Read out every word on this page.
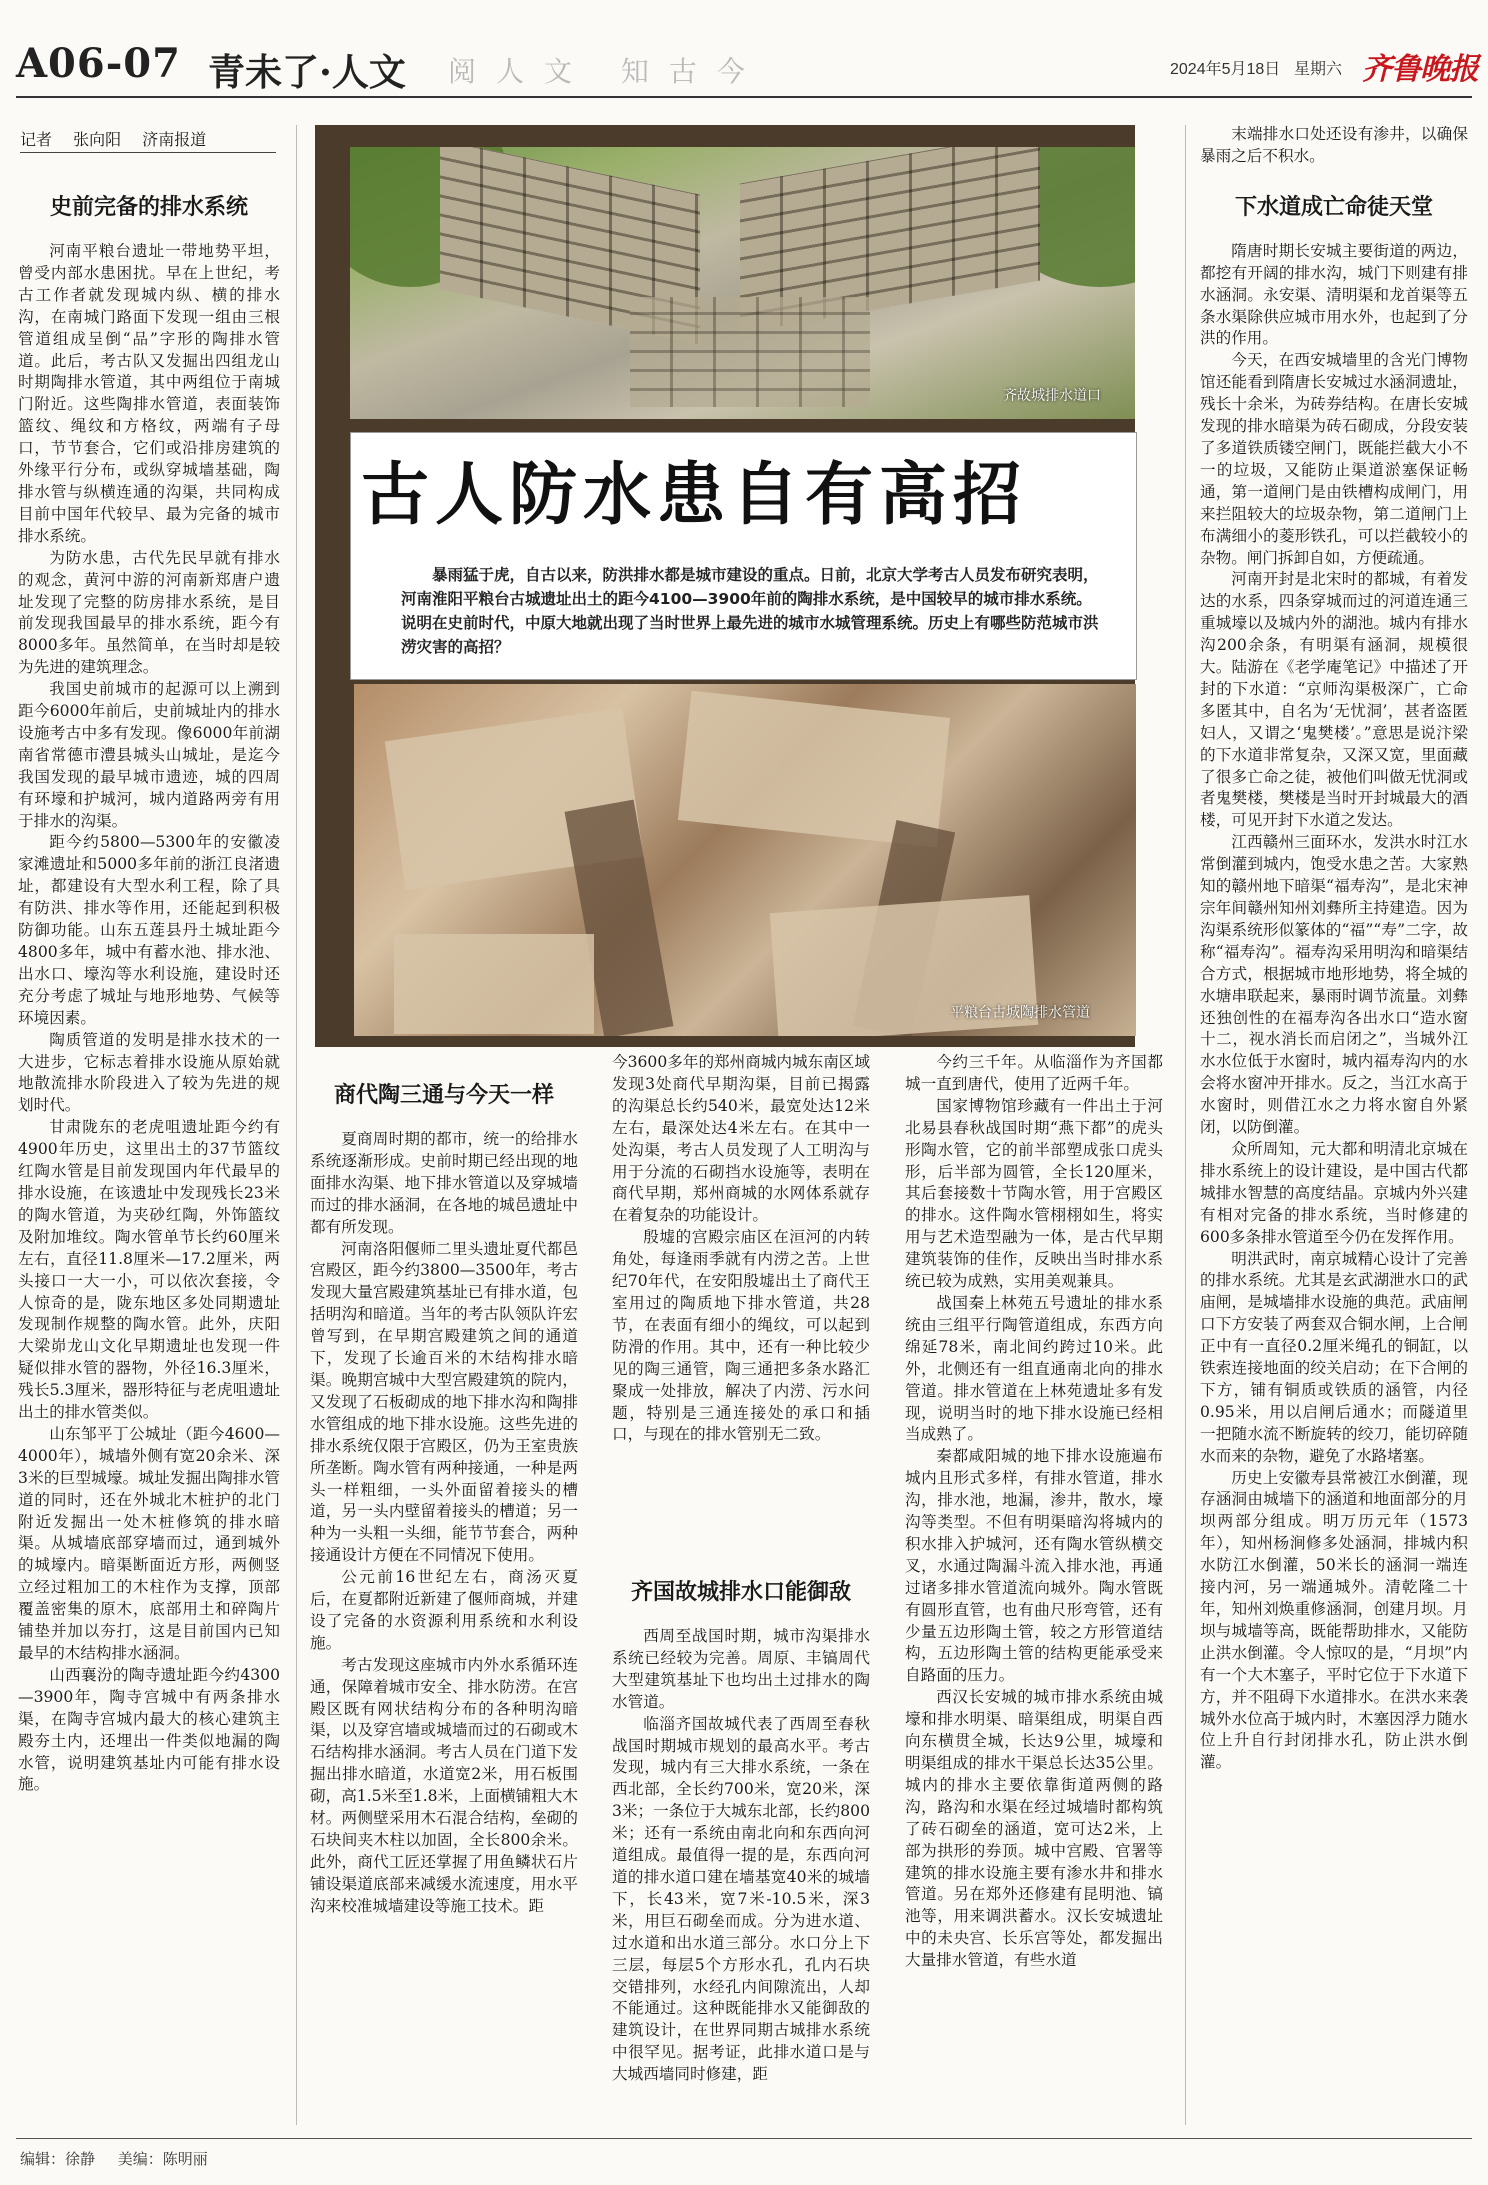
A06-07 青未了·人文 阅人文 知古今	2024年5月18日 星期六 齐鲁晚报
记者 张向阳 济南报道
史前完备的排水系统

河南平粮台遗址一带地势平坦，曾受内部水患困扰。早在上世纪，考古工作者就发现城内纵、横的排水沟，在南城门路面下发现一组由三根管道组成呈倒“品”字形的陶排水管道。此后，考古队又发掘出四组龙山时期陶排水管道，其中两组位于南城门附近。这些陶排水管道，表面装饰篮纹、绳纹和方格纹，两端有子母口，节节套合，它们或沿排房建筑的外缘平行分布，或纵穿城墙基础，陶排水管与纵横连通的沟渠，共同构成目前中国年代较早、最为完备的城市排水系统。

为防水患，古代先民早就有排水的观念，黄河中游的河南新郑唐户遗址发现了完整的防房排水系统，是目前发现我国最早的排水系统，距今有8000多年。虽然简单，在当时却是较为先进的建筑理念。

我国史前城市的起源可以上溯到距今6000年前后，史前城址内的排水设施考古中多有发现。像6000年前湖南省常德市澧县城头山城址，是迄今我国发现的最早城市遗迹，城的四周有环壕和护城河，城内道路两旁有用于排水的沟渠。

距今约5800—5300年的安徽凌家滩遗址和5000多年前的浙江良渚遗址，都建设有大型水利工程，除了具有防洪、排水等作用，还能起到积极防御功能。山东五莲县丹土城址距今4800多年，城中有蓄水池、排水池、出水口、壕沟等水利设施，建设时还充分考虑了城址与地形地势、气候等环境因素。

陶质管道的发明是排水技术的一大进步，它标志着排水设施从原始就地散流排水阶段进入了较为先进的规划时代。

甘肃陇东的老虎咀遗址距今约有4900年历史，这里出土的37节篮纹红陶水管是目前发现国内年代最早的排水设施，在该遗址中发现残长23米的陶水管道，为夹砂红陶，外饰篮纹及附加堆纹。陶水管单节长约60厘米左右，直径11.8厘米—17.2厘米，两头接口一大一小，可以依次套接，令人惊奇的是，陇东地区多处同期遗址发现制作规整的陶水管。此外，庆阳大梁峁龙山文化早期遗址也发现一件疑似排水管的器物，外径16.3厘米，残长5.3厘米，器形特征与老虎咀遗址出土的排水管类似。

山东邹平丁公城址（距今4600—4000年），城墙外侧有宽20余米、深3米的巨型城壕。城址发掘出陶排水管道的同时，还在外城北木桩护的北门附近发掘出一处木桩修筑的排水暗渠。从城墙底部穿墙而过，通到城外的城壕内。暗渠断面近方形，两侧竖立经过粗加工的木柱作为支撑，顶部覆盖密集的原木，底部用土和碎陶片铺垫并加以夯打，这是目前国内已知最早的木结构排水涵洞。

山西襄汾的陶寺遗址距今约4300—3900年，陶寺宫城中有两条排水渠，在陶寺宫城内最大的核心建筑主殿夯土内，还埋出一件类似地漏的陶水管，说明建筑基址内可能有排水设施。

齐故城排水道口
古人防水患自有高招
暴雨猛于虎，自古以来，防洪排水都是城市建设的重点。日前，北京大学考古人员发布研究表明，河南淮阳平粮台古城遗址出土的距今4100—3900年前的陶排水系统，是中国较早的城市排水系统。说明在史前时代，中原大地就出现了当时世界上最先进的城市水城管理系统。历史上有哪些防范城市洪涝灾害的高招？
平粮台古城陶排水管道
商代陶三通与今天一样

夏商周时期的都市，统一的给排水系统逐渐形成。史前时期已经出现的地面排水沟渠、地下排水管道以及穿城墙而过的排水涵洞，在各地的城邑遗址中都有所发现。

河南洛阳偃师二里头遗址夏代都邑宫殿区，距今约3800—3500年，考古发现大量宫殿建筑基址已有排水道，包括明沟和暗道。当年的考古队领队许宏曾写到，在早期宫殿建筑之间的通道下，发现了长逾百米的木结构排水暗渠。晚期宫城中大型宫殿建筑的院内，又发现了石板砌成的地下排水沟和陶排水管组成的地下排水设施。这些先进的排水系统仅限于宫殿区，仍为王室贵族所垄断。陶水管有两种接通，一种是两头一样粗细，一头外面留着接头的槽道，另一头内壁留着接头的槽道；另一种为一头粗一头细，能节节套合，两种接通设计方便在不同情况下使用。

公元前16世纪左右，商汤灭夏后，在夏都附近新建了偃师商城，并建设了完备的水资源利用系统和水利设施。

考古发现这座城市内外水系循环连通，保障着城市安全、排水防涝。在宫殿区既有网状结构分布的各种明沟暗渠，以及穿宫墙或城墙而过的石砌或木石结构排水涵洞。考古人员在门道下发掘出排水暗道，水道宽2米，用石板围砌，高1.5米至1.8米，上面横铺粗大木材。两侧壁采用木石混合结构，垒砌的石块间夹木柱以加固，全长800余米。此外，商代工匠还掌握了用鱼鳞状石片铺设渠道底部来减缓水流速度，用水平沟来校准城墙建设等施工技术。距

今3600多年的郑州商城内城东南区域发现3处商代早期沟渠，目前已揭露的沟渠总长约540米，最宽处达12米左右，最深处达4米左右。在其中一处沟渠，考古人员发现了人工明沟与用于分流的石砌挡水设施等，表明在商代早期，郑州商城的水网体系就存在着复杂的功能设计。

殷墟的宫殿宗庙区在洹河的内转角处，每逢雨季就有内涝之苦。上世纪70年代，在安阳殷墟出土了商代王室用过的陶质地下排水管道，共28节，在表面有细小的绳纹，可以起到防滑的作用。其中，还有一种比较少见的陶三通管，陶三通把多条水路汇聚成一处排放，解决了内涝、污水问题，特别是三通连接处的承口和插口，与现在的排水管别无二致。

齐国故城排水口能御敌

西周至战国时期，城市沟渠排水系统已经较为完善。周原、丰镐周代大型建筑基址下也均出土过排水的陶水管道。

临淄齐国故城代表了西周至春秋战国时期城市规划的最高水平。考古发现，城内有三大排水系统，一条在西北部，全长约700米，宽20米，深3米；一条位于大城东北部，长约800米；还有一系统由南北向和东西向河道组成。最值得一提的是，东西向河道的排水道口建在墙基宽40米的城墙下，长43米，宽7米-10.5米，深3米，用巨石砌垒而成。分为进水道、过水道和出水道三部分。水口分上下三层，每层5个方形水孔，孔内石块交错排列，水经孔内间隙流出，人却不能通过。这种既能排水又能御敌的建筑设计，在世界同期古城排水系统中很罕见。据考证，此排水道口是与大城西墙同时修建，距

今约三千年。从临淄作为齐国都城一直到唐代，使用了近两千年。

国家博物馆珍藏有一件出土于河北易县春秋战国时期“燕下都”的虎头形陶水管，它的前半部塑成张口虎头形，后半部为圆管，全长120厘米，其后套接数十节陶水管，用于宫殿区的排水。这件陶水管栩栩如生，将实用与艺术造型融为一体，是古代早期建筑装饰的佳作，反映出当时排水系统已较为成熟，实用美观兼具。

战国秦上林苑五号遗址的排水系统由三组平行陶管道组成，东西方向绵延78米，南北间约跨过10米。此外，北侧还有一组直通南北向的排水管道。排水管道在上林苑遗址多有发现，说明当时的地下排水设施已经相当成熟了。

秦都咸阳城的地下排水设施遍布城内且形式多样，有排水管道，排水沟，排水池，地漏，渗井，散水，壕沟等类型。不但有明渠暗沟将城内的积水排入护城河，还有陶水管纵横交叉，水通过陶漏斗流入排水池，再通过诸多排水管道流向城外。陶水管既有圆形直管，也有曲尺形弯管，还有少量五边形陶土管，较之方形管道结构，五边形陶土管的结构更能承受来自路面的压力。

西汉长安城的城市排水系统由城壕和排水明渠、暗渠组成，明渠自西向东横贯全城，长达9公里，城壕和明渠组成的排水干渠总长达35公里。城内的排水主要依靠街道两侧的路沟，路沟和水渠在经过城墙时都构筑了砖石砌垒的涵道，宽可达2米，上部为拱形的券顶。城中宫殿、官署等建筑的排水设施主要有渗水井和排水管道。另在郑外还修建有昆明池、镐池等，用来调洪蓄水。汉长安城遗址中的未央宫、长乐宫等处，都发掘出大量排水管道，有些水道

末端排水口处还设有渗井，以确保暴雨之后不积水。

下水道成亡命徒天堂

隋唐时期长安城主要街道的两边，都挖有开阔的排水沟，城门下则建有排水涵洞。永安渠、清明渠和龙首渠等五条水渠除供应城市用水外，也起到了分洪的作用。

今天，在西安城墙里的含光门博物馆还能看到隋唐长安城过水涵洞遗址，残长十余米，为砖券结构。在唐长安城发现的排水暗渠为砖石砌成，分段安装了多道铁质镂空闸门，既能拦截大小不一的垃圾，又能防止渠道淤塞保证畅通，第一道闸门是由铁槽构成闸门，用来拦阻较大的垃圾杂物，第二道闸门上布满细小的菱形铁孔，可以拦截较小的杂物。闸门拆卸自如，方便疏通。

河南开封是北宋时的都城，有着发达的水系，四条穿城而过的河道连通三重城壕以及城内外的湖池。城内有排水沟200余条，有明渠有涵洞，规模很大。陆游在《老学庵笔记》中描述了开封的下水道：“京师沟渠极深广，亡命多匿其中，自名为‘无忧洞’，甚者盗匿妇人，又谓之‘鬼樊楼’。”意思是说汴梁的下水道非常复杂，又深又宽，里面藏了很多亡命之徒，被他们叫做无忧洞或者鬼樊楼，樊楼是当时开封城最大的酒楼，可见开封下水道之发达。

江西赣州三面环水，发洪水时江水常倒灌到城内，饱受水患之苦。大家熟知的赣州地下暗渠“福寿沟”，是北宋神宗年间赣州知州刘彝所主持建造。因为沟渠系统形似篆体的“福”“寿”二字，故称“福寿沟”。福寿沟采用明沟和暗渠结合方式，根据城市地形地势，将全城的水塘串联起来，暴雨时调节流量。刘彝还独创性的在福寿沟各出水口“造水窗十二，视水消长而启闭之”，当城外江水水位低于水窗时，城内福寿沟内的水会将水窗冲开排水。反之，当江水高于水窗时，则借江水之力将水窗自外紧闭，以防倒灌。

众所周知，元大都和明清北京城在排水系统上的设计建设，是中国古代都城排水智慧的高度结晶。京城内外兴建有相对完备的排水系统，当时修建的600多条排水管道至今仍在发挥作用。

明洪武时，南京城精心设计了完善的排水系统。尤其是玄武湖泄水口的武庙闸，是城墙排水设施的典范。武庙闸口下方安装了两套双合铜水闸，上合闸正中有一直径0.2厘米绳孔的铜缸，以铁索连接地面的绞关启动；在下合闸的下方，铺有铜质或铁质的涵管，内径0.95米，用以启闸后通水；而隧道里一把随水流不断旋转的绞刀，能切碎随水而来的杂物，避免了水路堵塞。

历史上安徽寿县常被江水倒灌，现存涵洞由城墙下的涵道和地面部分的月坝两部分组成。明万历元年（1573年），知州杨涧修多处涵洞，排城内积水防江水倒灌，50米长的涵洞一端连接内河，另一端通城外。清乾隆二十年，知州刘焕重修涵洞，创建月坝。月坝与城墙等高，既能帮助排水，又能防止洪水倒灌。令人惊叹的是，“月坝”内有一个大木塞子，平时它位于下水道下方，并不阻碍下水道排水。在洪水来袭城外水位高于城内时，木塞因浮力随水位上升自行封闭排水孔，防止洪水倒灌。

编辑：徐静 美编：陈明丽
